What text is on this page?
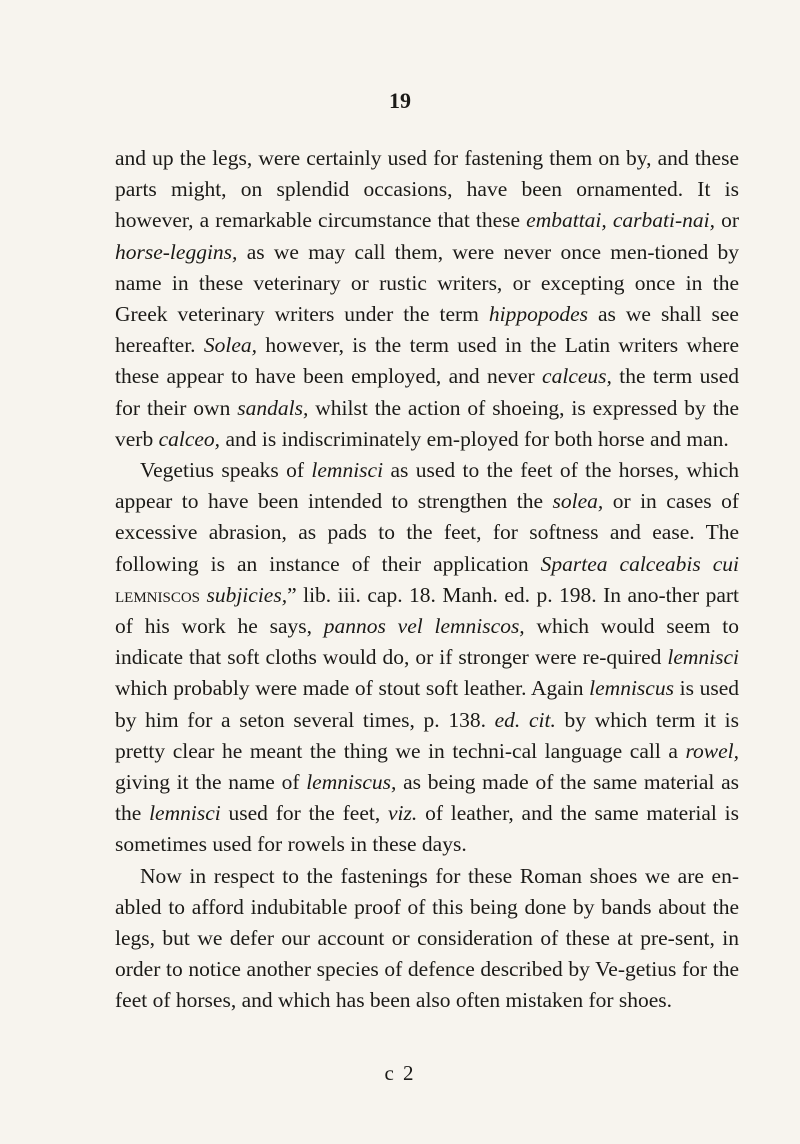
19

and up the legs, were certainly used for fastening them on by, and these parts might, on splendid occasions, have been ornamented. It is however, a remarkable circumstance that these embattai, carbati-nai, or horse-leggins, as we may call them, were never once men-tioned by name in these veterinary or rustic writers, or excepting once in the Greek veterinary writers under the term hippopodes as we shall see hereafter. Solea, however, is the term used in the Latin writers where these appear to have been employed, and never calceus, the term used for their own sandals, whilst the action of shoeing, is expressed by the verb calceo, and is indiscriminately em-ployed for both horse and man.

Vegetius speaks of lemnisci as used to the feet of the horses, which appear to have been intended to strengthen the solea, or in cases of excessive abrasion, as pads to the feet, for softness and ease. The following is an instance of their application Spartea calceabis cui lemniscos subjicies,” lib. iii. cap. 18. Manh. ed. p. 198. In ano-ther part of his work he says, pannos vel lemniscos, which would seem to indicate that soft cloths would do, or if stronger were re-quired lemnisci which probably were made of stout soft leather. Again lemniscus is used by him for a seton several times, p. 138. ed. cit. by which term it is pretty clear he meant the thing we in techni-cal language call a rowel, giving it the name of lemniscus, as being made of the same material as the lemnisci used for the feet, viz. of leather, and the same material is sometimes used for rowels in these days.

Now in respect to the fastenings for these Roman shoes we are en-abled to afford indubitable proof of this being done by bands about the legs, but we defer our account or consideration of these at pre-sent, in order to notice another species of defence described by Ve-getius for the feet of horses, and which has been also often mistaken for shoes.

c 2
